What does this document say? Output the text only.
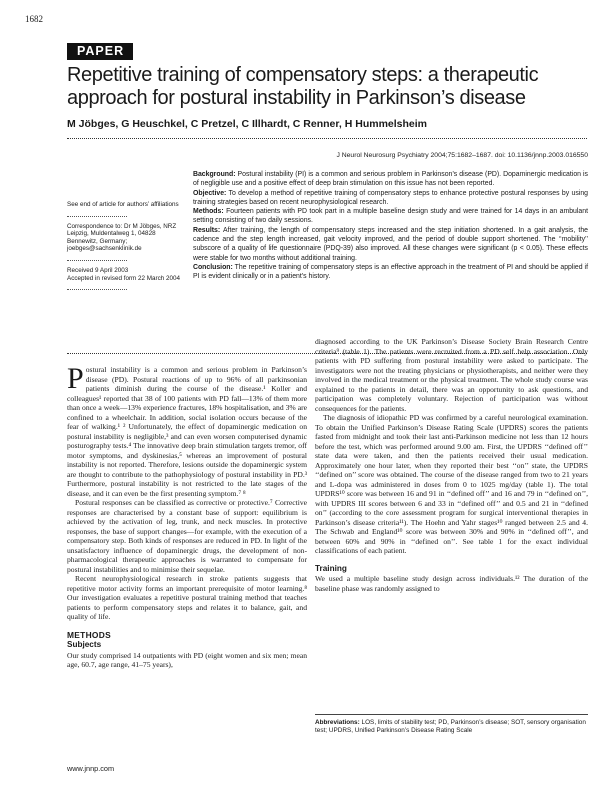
1682
PAPER
Repetitive training of compensatory steps: a therapeutic approach for postural instability in Parkinson’s disease
M Jöbges, G Heuschkel, C Pretzel, C Illhardt, C Renner, H Hummelsheim
J Neurol Neurosurg Psychiatry 2004;75:1682–1687. doi: 10.1136/jnnp.2003.016550

See end of article for authors’ affiliations

Correspondence to: Dr M Jöbges, NRZ Leipzig, Muldentalweg 1, 04828 Bennewitz, Germany; joebges@sachsenklinik.de

Received 9 April 2003

Accepted in revised form 22 March 2004

Background: Postural instability (PI) is a common and serious problem in Parkinson’s disease (PD). Dopaminergic medication is of negligible use and a positive effect of deep brain stimulation on this issue has not been reported.

Objective: To develop a method of repetitive training of compensatory steps to enhance protective postural responses by using training strategies based on recent neurophysiological research.

Methods: Fourteen patients with PD took part in a multiple baseline design study and were trained for 14 days in an ambulant setting consisting of two daily sessions.

Results: After training, the length of compensatory steps increased and the step initiation shortened. In a gait analysis, the cadence and the step length increased, gait velocity improved, and the period of double support shortened. The ‘‘mobility’’ subscore of a quality of life questionnaire (PDQ-39) also improved. All these changes were significant (p < 0.05). These effects were stable for two months without additional training.

Conclusion: The repetitive training of compensatory steps is an effective approach in the treatment of PI and should be applied if PI is evident clinically or in a patient’s history.

Postural instability is a common and serious problem in Parkinson’s disease (PD). Postural reactions of up to 96% of all parkinsonian patients diminish during the course of the disease.¹ Koller and colleagues¹ reported that 38 of 100 patients with PD fall—13% of them more than once a week—13% experience fractures, 18% hospitalisation, and 3% are confined to a wheelchair. In addition, social isolation occurs because of the fear of walking.¹ ² Unfortunately, the effect of dopaminergic medication on postural instability is negligible,³ and can even worsen computerised dynamic posturography tests.⁴ The innovative deep brain stimulation targets tremor, off motor symptoms, and dyskinesias,⁵ whereas an improvement of postural instability is not reported. Therefore, lesions outside the dopaminergic system are thought to contribute to the pathophysiology of postural instability in PD.³ Furthermore, postural instability is not restricted to the late stages of the disease, and it can even be the first presenting symptom.⁷ ⁸

Postural responses can be classified as corrective or protective.⁷ Corrective responses are characterised by a constant base of support: equilibrium is achieved by the activation of leg, trunk, and neck muscles. In protective responses, the base of support changes—for example, with the execution of a compensatory step. Both kinds of responses are reduced in PD. In light of the unsatisfactory influence of dopaminergic drugs, the development of non-pharmacological therapeutic approaches is warranted to compensate for postural instabilities and to minimise their sequelae.

Recent neurophysiological research in stroke patients suggests that repetitive motor activity forms an important prerequisite of motor learning.⁸ Our investigation evaluates a repetitive postural training method that teaches patients to perform compensatory steps and relates it to balance, gait, and quality of life.

METHODS
Subjects

Our study comprised 14 outpatients with PD (eight women and six men; mean age, 60.7, age range, 41–75 years),

diagnosed according to the UK Parkinson’s Disease Society Brain Research Centre criteria⁹ (table 1). The patients were recruited from a PD self help association. Only patients with PD suffering from postural instability were asked to participate. The investigators were not the treating physicians or physiotherapists, and neither were they involved in the medical treatment or the physical treatment. The whole study course was explained to the patients in detail, there was an opportunity to ask questions, and participation was completely voluntary. Rejection of participation was without consequences for the patients.

The diagnosis of idiopathic PD was confirmed by a careful neurological examination. To obtain the Unified Parkinson’s Disease Rating Scale (UPDRS) scores the patients fasted from midnight and took their last anti-Parkinson medicine not less than 12 hours before the test, which was performed around 9.00 am. First, the UPDRS ‘‘defined off’’ state data were taken, and then the patients received their usual medication. Approximately one hour later, when they reported their best ‘‘on’’ state, the UPDRS ‘‘defined on’’ score was obtained. The course of the disease ranged from two to 21 years and L-dopa was administered in doses from 0 to 1025 mg/day (table 1). The total UPDRS¹⁰ score was between 16 and 91 in ‘‘defined off’’ and 16 and 79 in ‘‘defined on’’, with UPDRS III scores between 6 and 33 in ‘‘defined off’’ and 0.5 and 21 in ‘‘defined on’’ (according to the core assessment program for surgical interventional therapies in Parkinson’s disease criteria¹¹). The Hoehn and Yahr stages¹⁰ ranged between 2.5 and 4. The Schwab and England¹⁰ score was between 30% and 90% in ‘‘defined off’’, and between 60% and 90% in ‘‘defined on’’. See table 1 for the exact individual classifications of each patient.

Training

We used a multiple baseline study design across individuals.¹² The duration of the baseline phase was randomly assigned to

Abbreviations: LOS, limits of stability test; PD, Parkinson’s disease; SOT, sensory organisation test; UPDRS, Unified Parkinson’s Disease Rating Scale
www.jnnp.com
